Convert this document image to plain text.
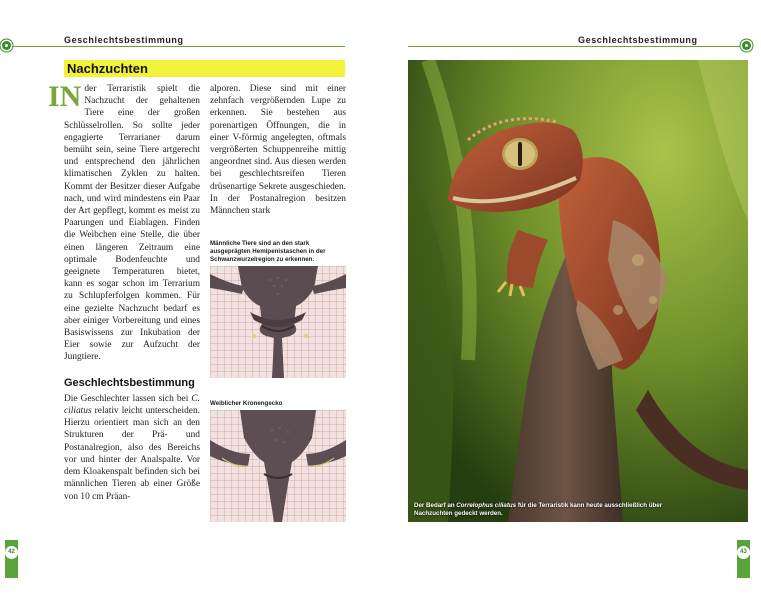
Geschlechtsbestimmung
Nachzuchten

IN der Terraristik spielt die Nachzucht der gehaltenen Tiere eine der großen Schlüsselrollen. So sollte jeder engagierte Terrarianer darum bemüht sein, seine Tiere artgerecht und entsprechend den jährlichen klimatischen Zyklen zu halten. Kommt der Besitzer dieser Aufgabe nach, und wird mindestens ein Paar der Art gepflegt, kommt es meist zu Paarungen und Eiablagen. Finden die Weibchen eine Stelle, die über einen längeren Zeitraum eine optimale Bodenfeuchte und geeignete Temperaturen bietet, kann es sogar schon im Terrarium zu Schlupferfolgen kommen. Für eine gezielte Nachzucht bedarf es aber einiger Vorbereitung und eines Basiswissens zur Inkubation der Eier sowie zur Aufzucht der Jungtiere.

Geschlechtsbestimmung

Die Geschlechter lassen sich bei C. ciliatus relativ leicht unterscheiden. Hierzu orientiert man sich an den Strukturen der Prä- und Postanalregion, also des Bereichs vor und hinter der Analspalte. Vor dem Kloakenspalt befinden sich bei männlichen Tieren ab einer Größe von 10 cm Präan-

alporen. Diese sind mit einer zehnfach vergrößernden Lupe zu erkennen. Sie bestehen aus porenartigen Öffnungen, die in einer V-förmig angelegten, oftmals vergrößerten Schuppenreihe mittig angeordnet sind. Aus diesen werden bei geschlechtsreifen Tieren drüsenartige Sekrete ausgeschieden. In der Postanalregion besitzen Männchen stark

Männliche Tiere sind an den stark ausgeprägten Hemipenistaschen in der Schwanzwurzelregion zu erkennen.
Weiblicher Kronengecko
42
Geschlechtsbestimmung
Der Bedarf an Correlophus ciliatus für die Terraristik kann heute ausschließlich über Nachzuchten gedeckt werden.
43
